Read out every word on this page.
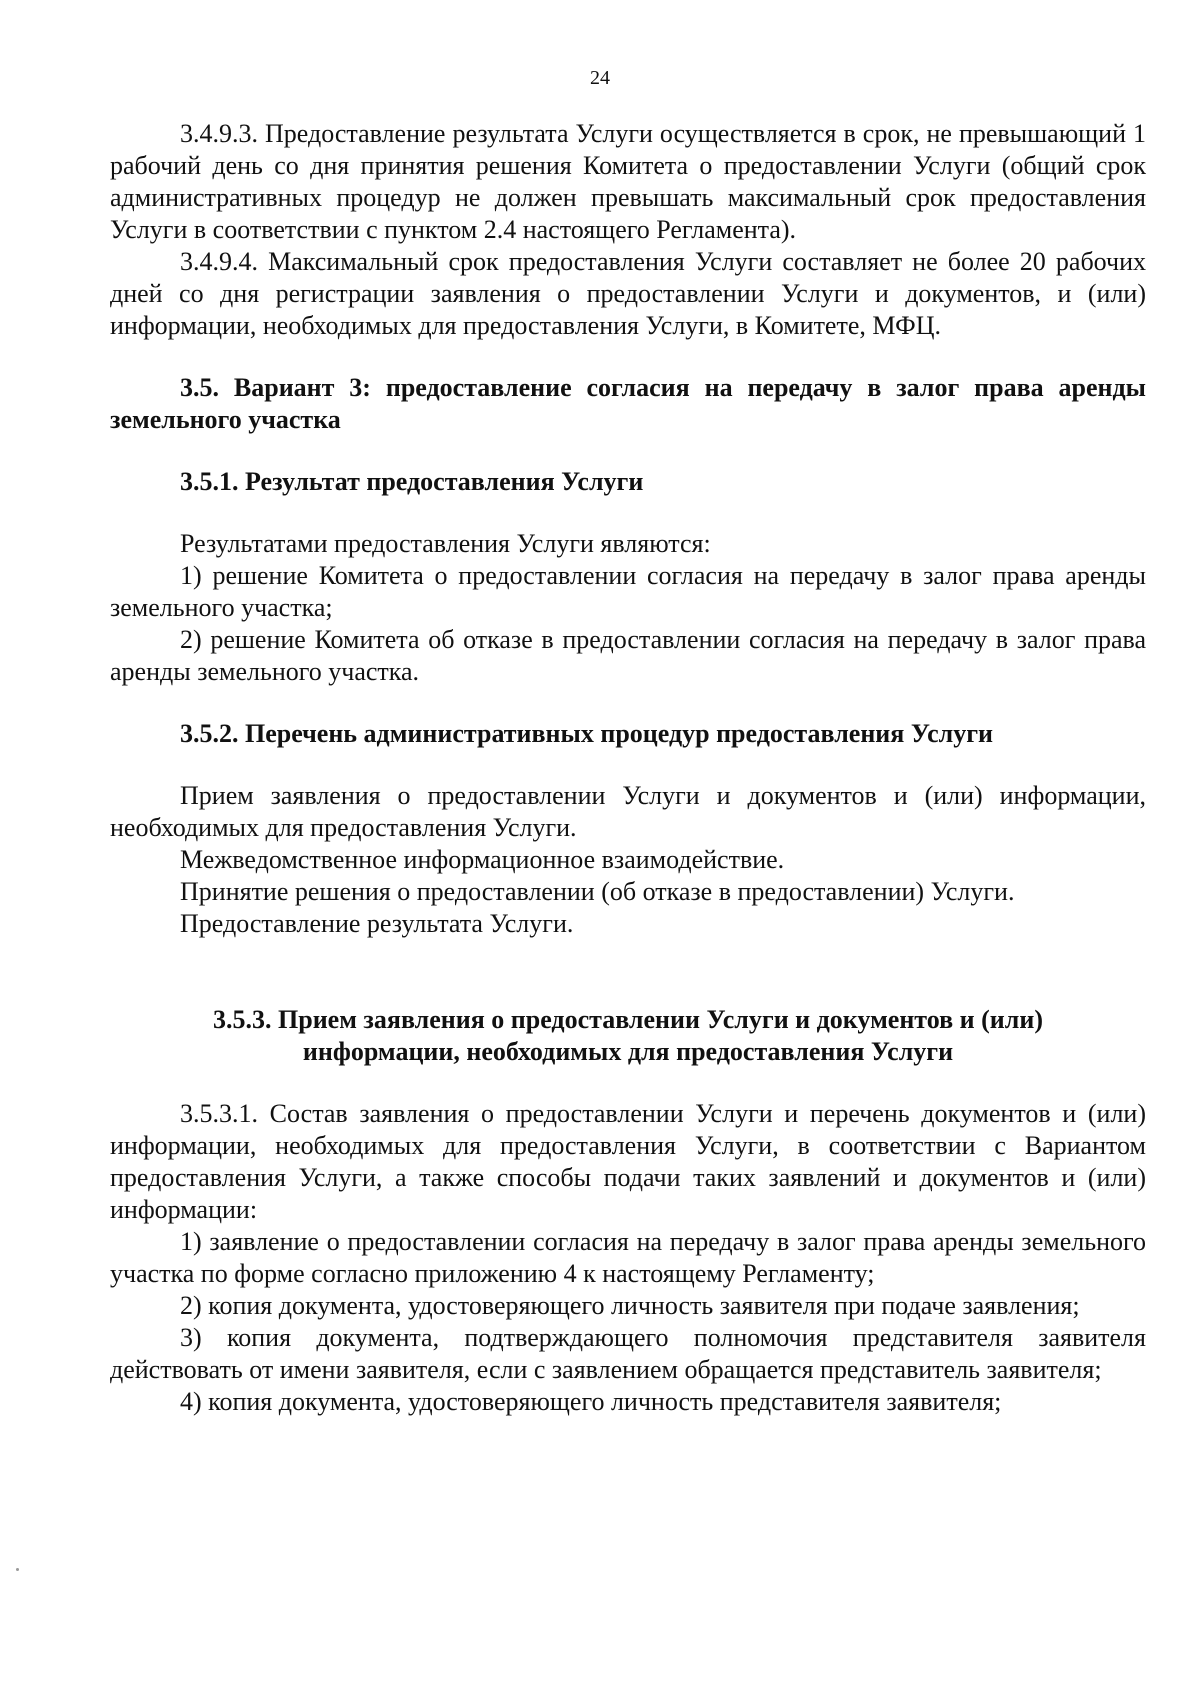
24

3.4.9.3. Предоставление результата Услуги осуществляется в срок, не превышающий 1 рабочий день со дня принятия решения Комитета о предоставлении Услуги (общий срок административных процедур не должен превышать максимальный срок предоставления Услуги в соответствии с пунктом 2.4 настоящего Регламента).

3.4.9.4. Максимальный срок предоставления Услуги составляет не более 20 рабочих дней со дня регистрации заявления о предоставлении Услуги и документов, и (или) информации, необходимых для предоставления Услуги, в Комитете, МФЦ.

3.5. Вариант 3: предоставление согласия на передачу в залог права аренды земельного участка

3.5.1. Результат предоставления Услуги

Результатами предоставления Услуги являются:

1) решение Комитета о предоставлении согласия на передачу в залог права аренды земельного участка;

2) решение Комитета об отказе в предоставлении согласия на передачу в залог права аренды земельного участка.

3.5.2. Перечень административных процедур предоставления Услуги

Прием заявления о предоставлении Услуги и документов и (или) информации, необходимых для предоставления Услуги.

Межведомственное информационное взаимодействие.

Принятие решения о предоставлении (об отказе в предоставлении) Услуги.

Предоставление результата Услуги.

3.5.3. Прием заявления о предоставлении Услуги и документов и (или)
информации, необходимых для предоставления Услуги

3.5.3.1. Состав заявления о предоставлении Услуги и перечень документов и (или) информации, необходимых для предоставления Услуги, в соответствии с Вариантом предоставления Услуги, а также способы подачи таких заявлений и документов и (или) информации:

1) заявление о предоставлении согласия на передачу в залог права аренды земельного участка по форме согласно приложению 4 к настоящему Регламенту;

2) копия документа, удостоверяющего личность заявителя при подаче заявления;

3) копия документа, подтверждающего полномочия представителя заявителя действовать от имени заявителя, если с заявлением обращается представитель заявителя;

4) копия документа, удостоверяющего личность представителя заявителя;
